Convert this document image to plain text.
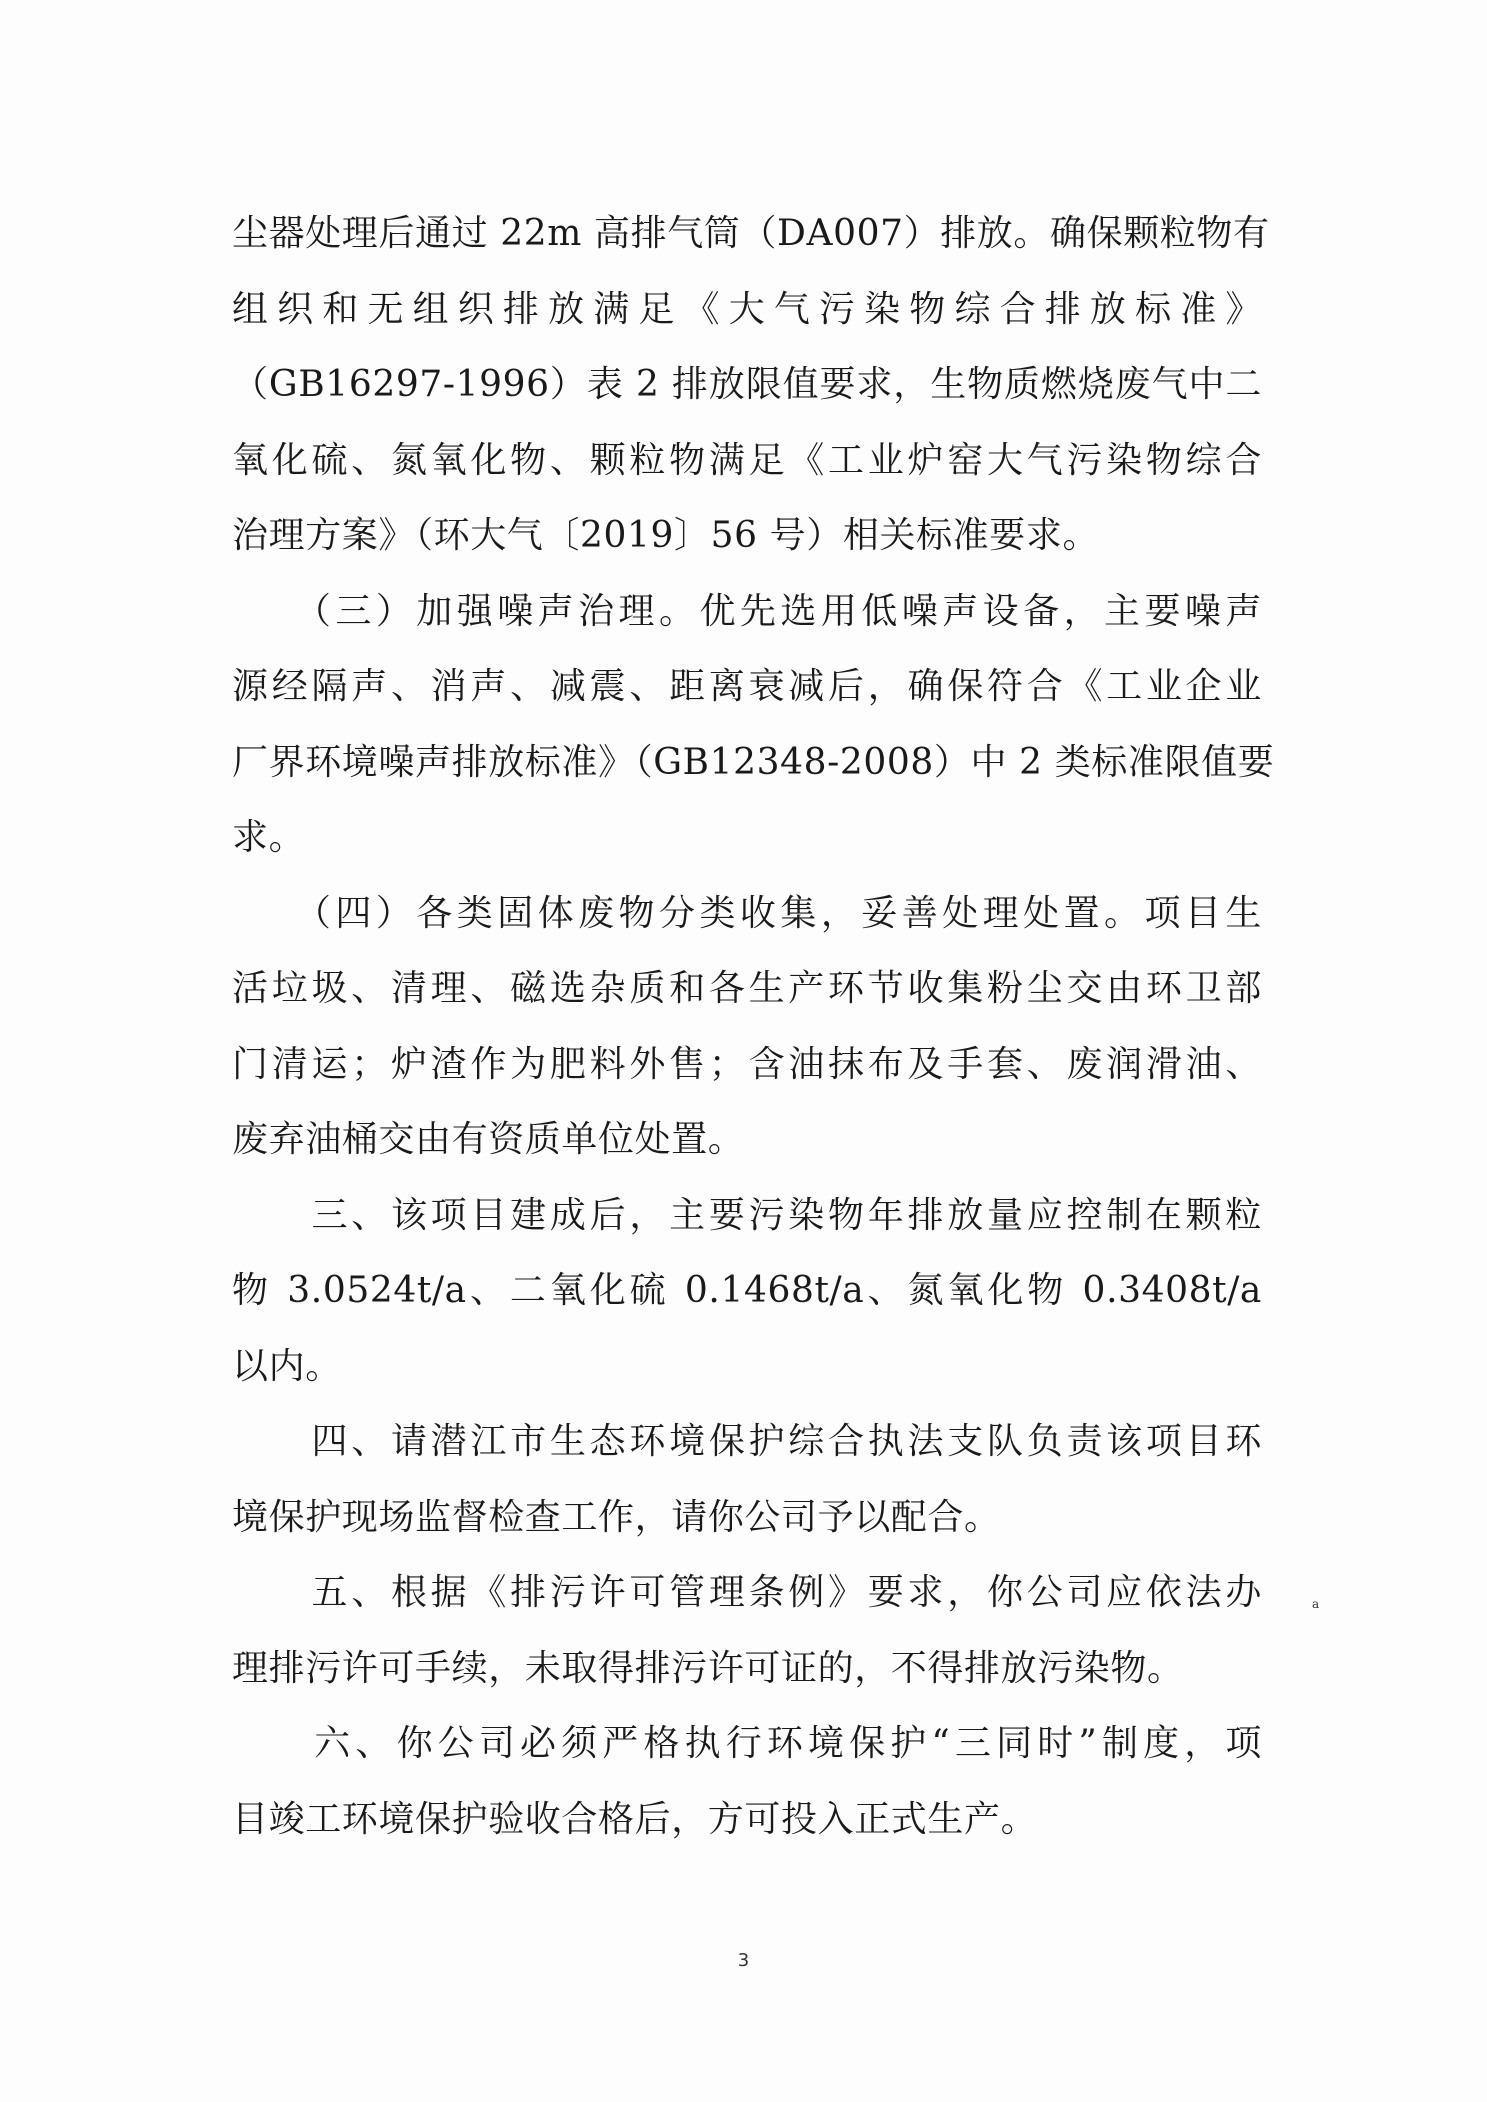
尘器处理后通过 22m 高排气筒（DA007）排放。确保颗粒物有
组织和无组织排放满足《大气污染物综合排放标准》
（GB16297-1996）表 2 排放限值要求，生物质燃烧废气中二
氧化硫、氮氧化物、颗粒物满足《工业炉窑大气污染物综合
治理方案》（环大气〔2019〕56 号）相关标准要求。
　　（三）加强噪声治理。优先选用低噪声设备，主要噪声
源经隔声、消声、减震、距离衰减后，确保符合《工业企业
厂界环境噪声排放标准》（GB12348-2008）中 2 类标准限值要
求。
　　（四）各类固体废物分类收集，妥善处理处置。项目生
活垃圾、清理、磁选杂质和各生产环节收集粉尘交由环卫部
门清运；炉渣作为肥料外售；含油抹布及手套、废润滑油、
废弃油桶交由有资质单位处置。
　　三、该项目建成后，主要污染物年排放量应控制在颗粒
物 3.0524t/a、二氧化硫 0.1468t/a、氮氧化物 0.3408t/a
以内。
　　四、请潜江市生态环境保护综合执法支队负责该项目环
境保护现场监督检查工作，请你公司予以配合。
　　五、根据《排污许可管理条例》要求，你公司应依法办
理排污许可手续，未取得排污许可证的，不得排放污染物。
　　六、你公司必须严格执行环境保护“三同时”制度，项
目竣工环境保护验收合格后，方可投入正式生产。
a
3
